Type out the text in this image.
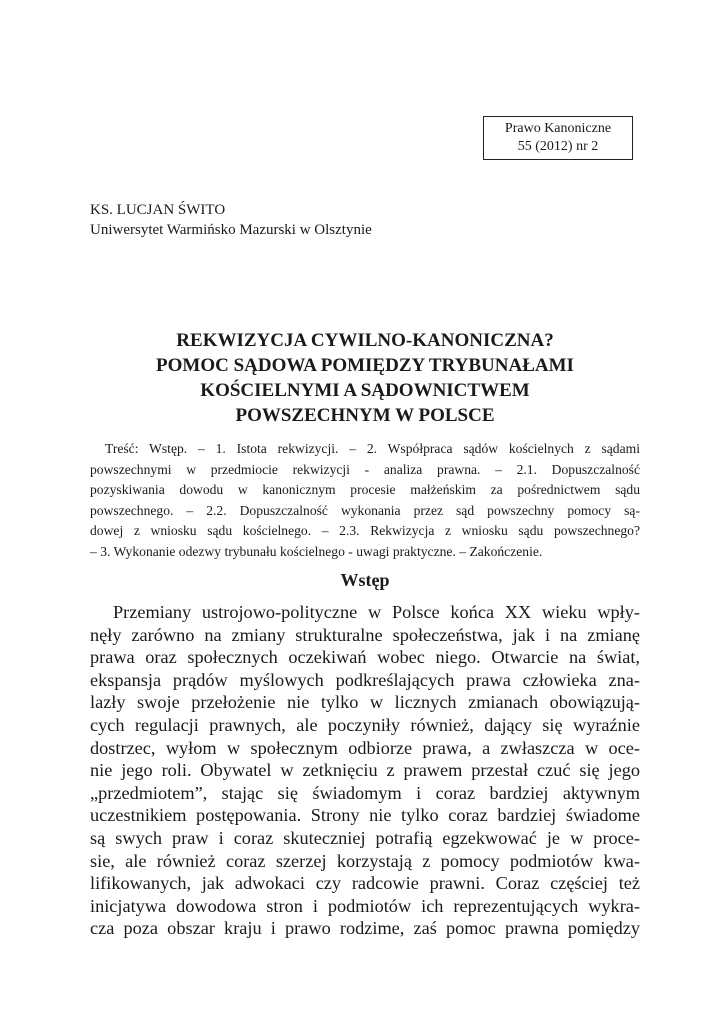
Prawo Kanoniczne
55 (2012) nr 2
KS. LUCJAN ŚWITO
Uniwersytet Warmińsko Mazurski w Olsztynie
REKWIZYCJA CYWILNO-KANONICZNA?
POMOC SĄDOWA POMIĘDZY TRYBUNAŁAMI
KOŚCIELNYMI A SĄDOWNICTWEM
POWSZECHNYM W POLSCE
Treść: Wstęp. – 1. Istota rekwizycji. – 2. Współpraca sądów kościelnych z sądami
powszechnymi w przedmiocie rekwizycji - analiza prawna. – 2.1. Dopuszczalność
pozyskiwania dowodu w kanonicznym procesie małżeńskim za pośrednictwem sądu
powszechnego. – 2.2. Dopuszczalność wykonania przez sąd powszechny pomocy są-
dowej z wniosku sądu kościelnego. – 2.3. Rekwizycja z wniosku sądu powszechnego?
– 3. Wykonanie odezwy trybunału kościelnego - uwagi praktyczne. – Zakończenie.
Wstęp
Przemiany ustrojowo-polityczne w Polsce końca XX wieku wpły-
nęły zarówno na zmiany strukturalne społeczeństwa, jak i na zmianę
prawa oraz społecznych oczekiwań wobec niego. Otwarcie na świat,
ekspansja prądów myślowych podkreślających prawa człowieka zna-
lazły swoje przełożenie nie tylko w licznych zmianach obowiązują-
cych regulacji prawnych, ale poczyniły również, dający się wyraźnie
dostrzec, wyłom w społecznym odbiorze prawa, a zwłaszcza w oce-
nie jego roli. Obywatel w zetknięciu z prawem przestał czuć się jego
„przedmiotem”, stając się świadomym i coraz bardziej aktywnym
uczestnikiem postępowania. Strony nie tylko coraz bardziej świadome
są swych praw i coraz skuteczniej potrafią egzekwować je w proce-
sie, ale również coraz szerzej korzystają z pomocy podmiotów kwa-
lifikowanych, jak adwokaci czy radcowie prawni. Coraz częściej też
inicjatywa dowodowa stron i podmiotów ich reprezentujących wykra-
cza poza obszar kraju i prawo rodzime, zaś pomoc prawna pomiędzy
